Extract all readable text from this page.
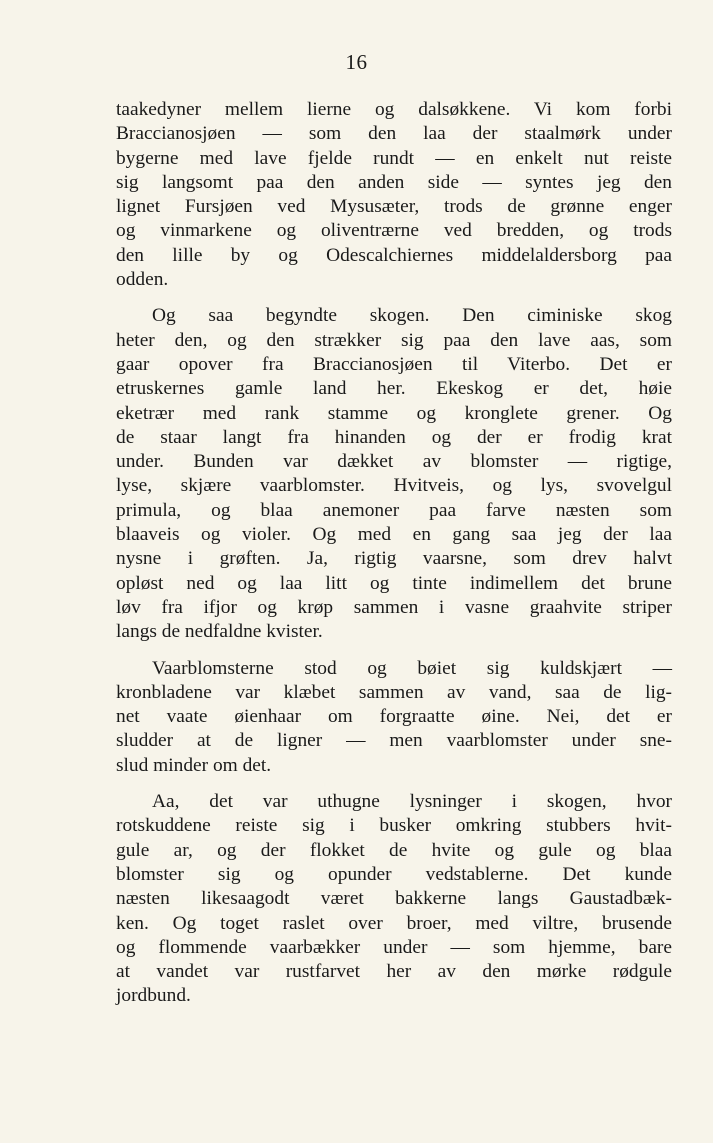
16
taakedyner mellem lierne og dalsøkkene. Vi kom forbi
Braccianosjøen — som den laa der staalmørk under
bygerne med lave fjelde rundt — en enkelt nut reiste
sig langsomt paa den anden side — syntes jeg den
lignet Fursjøen ved Mysusæter, trods de grønne enger
og vinmarkene og oliventrærne ved bredden, og trods
den lille by og Odescalchiernes middelaldersborg paa
odden.
Og saa begyndte skogen. Den ciminiske skog
heter den, og den strækker sig paa den lave aas, som
gaar opover fra Braccianosjøen til Viterbo. Det er
etruskernes gamle land her. Ekeskog er det, høie
eketrær med rank stamme og kronglete grener. Og
de staar langt fra hinanden og der er frodig krat
under. Bunden var dækket av blomster — rigtige,
lyse, skjære vaarblomster. Hvitveis, og lys, svovelgul
primula, og blaa anemoner paa farve næsten som
blaaveis og violer. Og med en gang saa jeg der laa
nysne i grøften. Ja, rigtig vaarsne, som drev halvt
opløst ned og laa litt og tinte indimellem det brune
løv fra ifjor og krøp sammen i vasne graahvite striper
langs de nedfaldne kvister.
Vaarblomsterne stod og bøiet sig kuldskjært —
kronbladene var klæbet sammen av vand, saa de lig-
net vaate øienhaar om forgraatte øine. Nei, det er
sludder at de ligner — men vaarblomster under sne-
slud minder om det.
Aa, det var uthugne lysninger i skogen, hvor
rotskuddene reiste sig i busker omkring stubbers hvit-
gule ar, og der flokket de hvite og gule og blaa
blomster sig og opunder vedstablerne. Det kunde
næsten likesaagodt været bakkerne langs Gaustadbæk-
ken. Og toget raslet over broer, med viltre, brusende
og flommende vaarbækker under — som hjemme, bare
at vandet var rustfarvet her av den mørke rødgule
jordbund.
